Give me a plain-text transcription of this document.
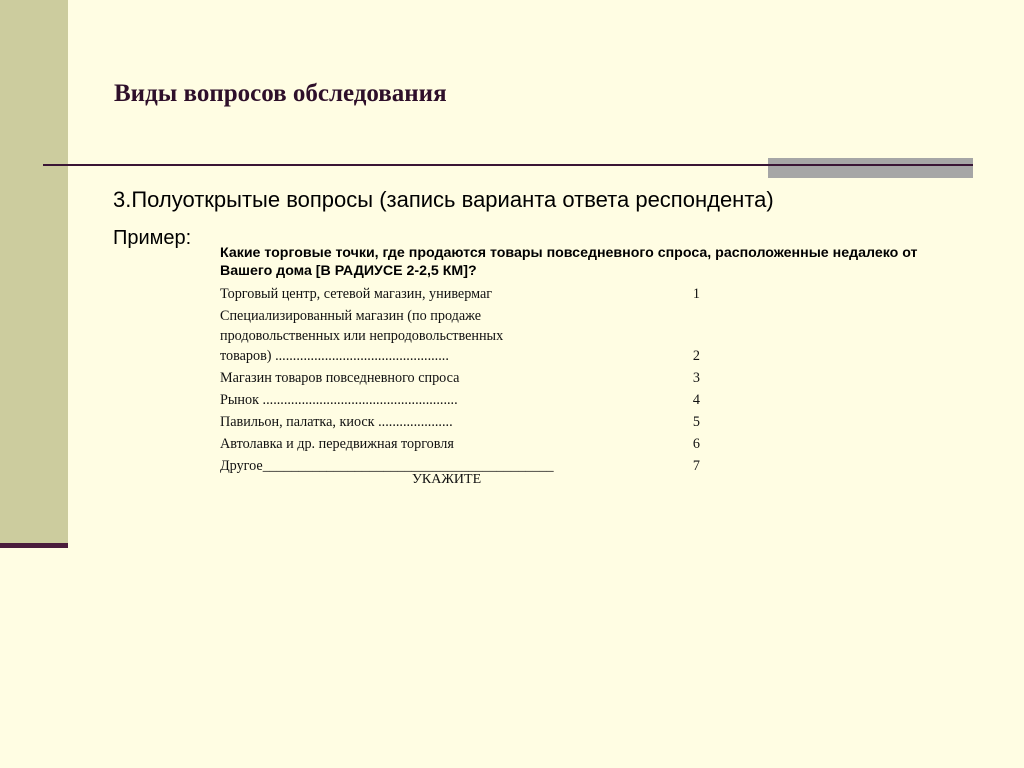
Виды вопросов обследования
3.Полуоткрытые вопросы (запись варианта ответа респондента)
Пример:
Какие торговые точки, где продаются товары повседневного спроса, расположенные недалеко от Вашего дома [В РАДИУСЕ 2-2,5 КМ]?
Торговый центр, сетевой магазин, универмаг	1
Специализированный магазин (по продаже продовольственных или непродовольственных товаров) .................................................	2
Магазин товаров повседневного спроса	3
Рынок .......................................................	4
Павильон, палатка, киоск .....................	5
Автолавка и др. передвижная торговля	6
Другое_________________________________________	7
УКАЖИТЕ
